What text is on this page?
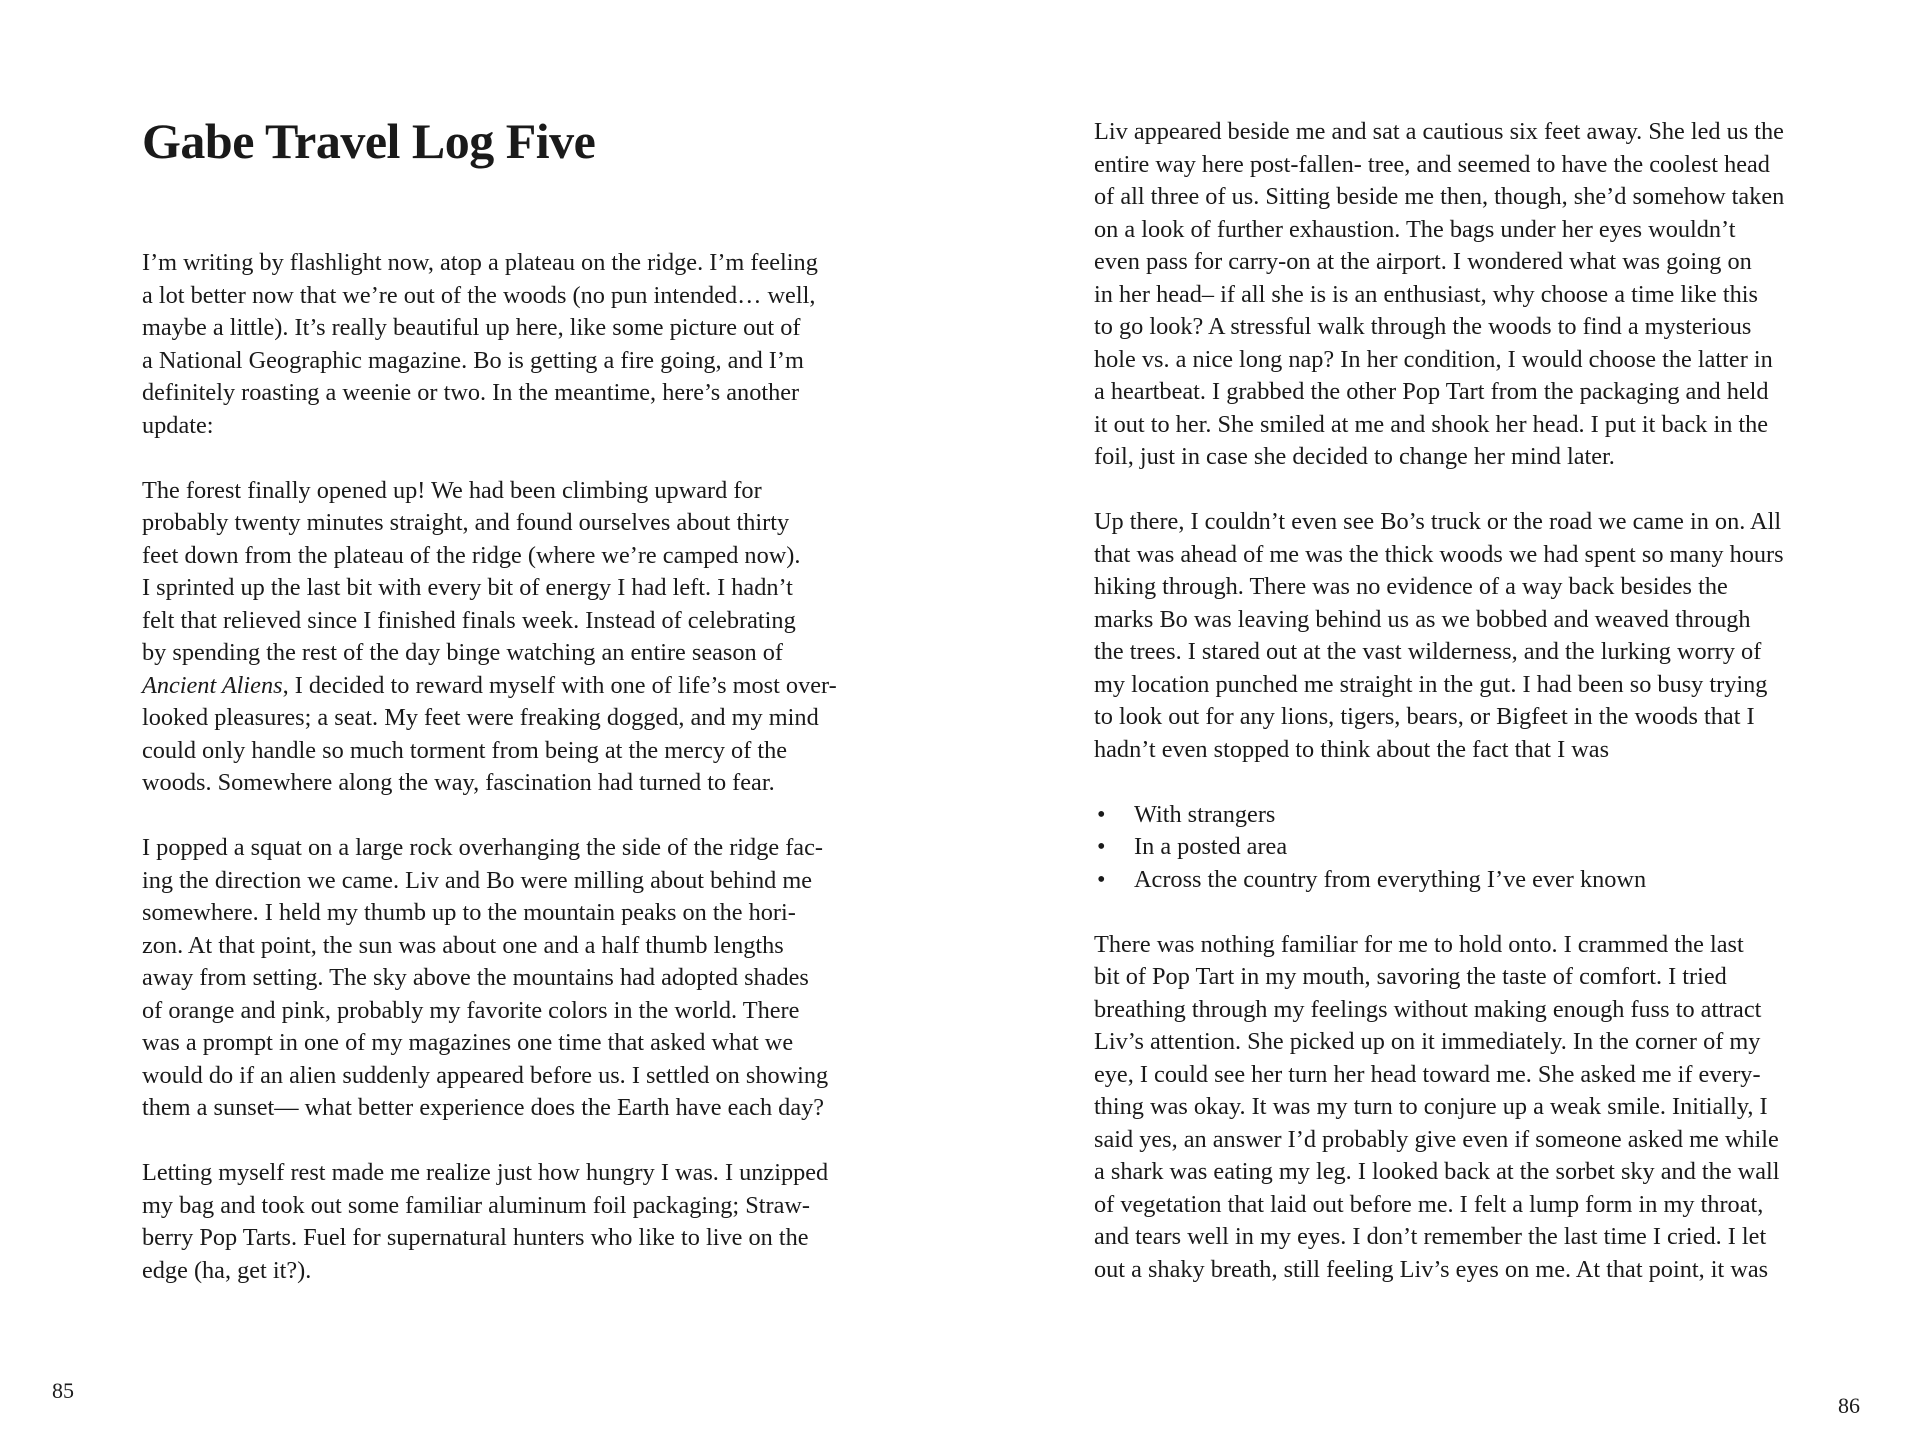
Gabe Travel Log Five

I’m writing by flashlight now, atop a plateau on the ridge. I’m feeling
a lot better now that we’re out of the woods (no pun intended… well,
maybe a little). It’s really beautiful up here, like some picture out of
a National Geographic magazine. Bo is getting a fire going, and I’m
definitely roasting a weenie or two. In the meantime, here’s another
update:

The forest finally opened up! We had been climbing upward for
probably twenty minutes straight, and found ourselves about thirty
feet down from the plateau of the ridge (where we’re camped now).
I sprinted up the last bit with every bit of energy I had left. I hadn’t
felt that relieved since I finished finals week. Instead of celebrating
by spending the rest of the day binge watching an entire season of
Ancient Aliens, I decided to reward myself with one of life’s most over-
looked pleasures; a seat. My feet were freaking dogged, and my mind
could only handle so much torment from being at the mercy of the
woods. Somewhere along the way, fascination had turned to fear.

I popped a squat on a large rock overhanging the side of the ridge fac-
ing the direction we came. Liv and Bo were milling about behind me
somewhere. I held my thumb up to the mountain peaks on the hori-
zon. At that point, the sun was about one and a half thumb lengths
away from setting. The sky above the mountains had adopted shades
of orange and pink, probably my favorite colors in the world. There
was a prompt in one of my magazines one time that asked what we
would do if an alien suddenly appeared before us. I settled on showing
them a sunset— what better experience does the Earth have each day?

Letting myself rest made me realize just how hungry I was. I unzipped
my bag and took out some familiar aluminum foil packaging; Straw-
berry Pop Tarts. Fuel for supernatural hunters who like to live on the
edge (ha, get it?).

85

Liv appeared beside me and sat a cautious six feet away. She led us the
entire way here post-fallen- tree, and seemed to have the coolest head
of all three of us. Sitting beside me then, though, she’d somehow taken
on a look of further exhaustion. The bags under her eyes wouldn’t
even pass for carry-on at the airport. I wondered what was going on
in her head– if all she is is an enthusiast, why choose a time like this
to go look? A stressful walk through the woods to find a mysterious
hole vs. a nice long nap? In her condition, I would choose the latter in
a heartbeat. I grabbed the other Pop Tart from the packaging and held
it out to her. She smiled at me and shook her head. I put it back in the
foil, just in case she decided to change her mind later.

Up there, I couldn’t even see Bo’s truck or the road we came in on. All
that was ahead of me was the thick woods we had spent so many hours
hiking through. There was no evidence of a way back besides the
marks Bo was leaving behind us as we bobbed and weaved through
the trees. I stared out at the vast wilderness, and the lurking worry of
my location punched me straight in the gut. I had been so busy trying
to look out for any lions, tigers, bears, or Bigfeet in the woods that I
hadn’t even stopped to think about the fact that I was

• With strangers
• In a posted area
• Across the country from everything I’ve ever known

There was nothing familiar for me to hold onto. I crammed the last
bit of Pop Tart in my mouth, savoring the taste of comfort. I tried
breathing through my feelings without making enough fuss to attract
Liv’s attention. She picked up on it immediately. In the corner of my
eye, I could see her turn her head toward me. She asked me if every-
thing was okay. It was my turn to conjure up a weak smile. Initially, I
said yes, an answer I’d probably give even if someone asked me while
a shark was eating my leg. I looked back at the sorbet sky and the wall
of vegetation that laid out before me. I felt a lump form in my throat,
and tears well in my eyes. I don’t remember the last time I cried. I let
out a shaky breath, still feeling Liv’s eyes on me. At that point, it was

86
